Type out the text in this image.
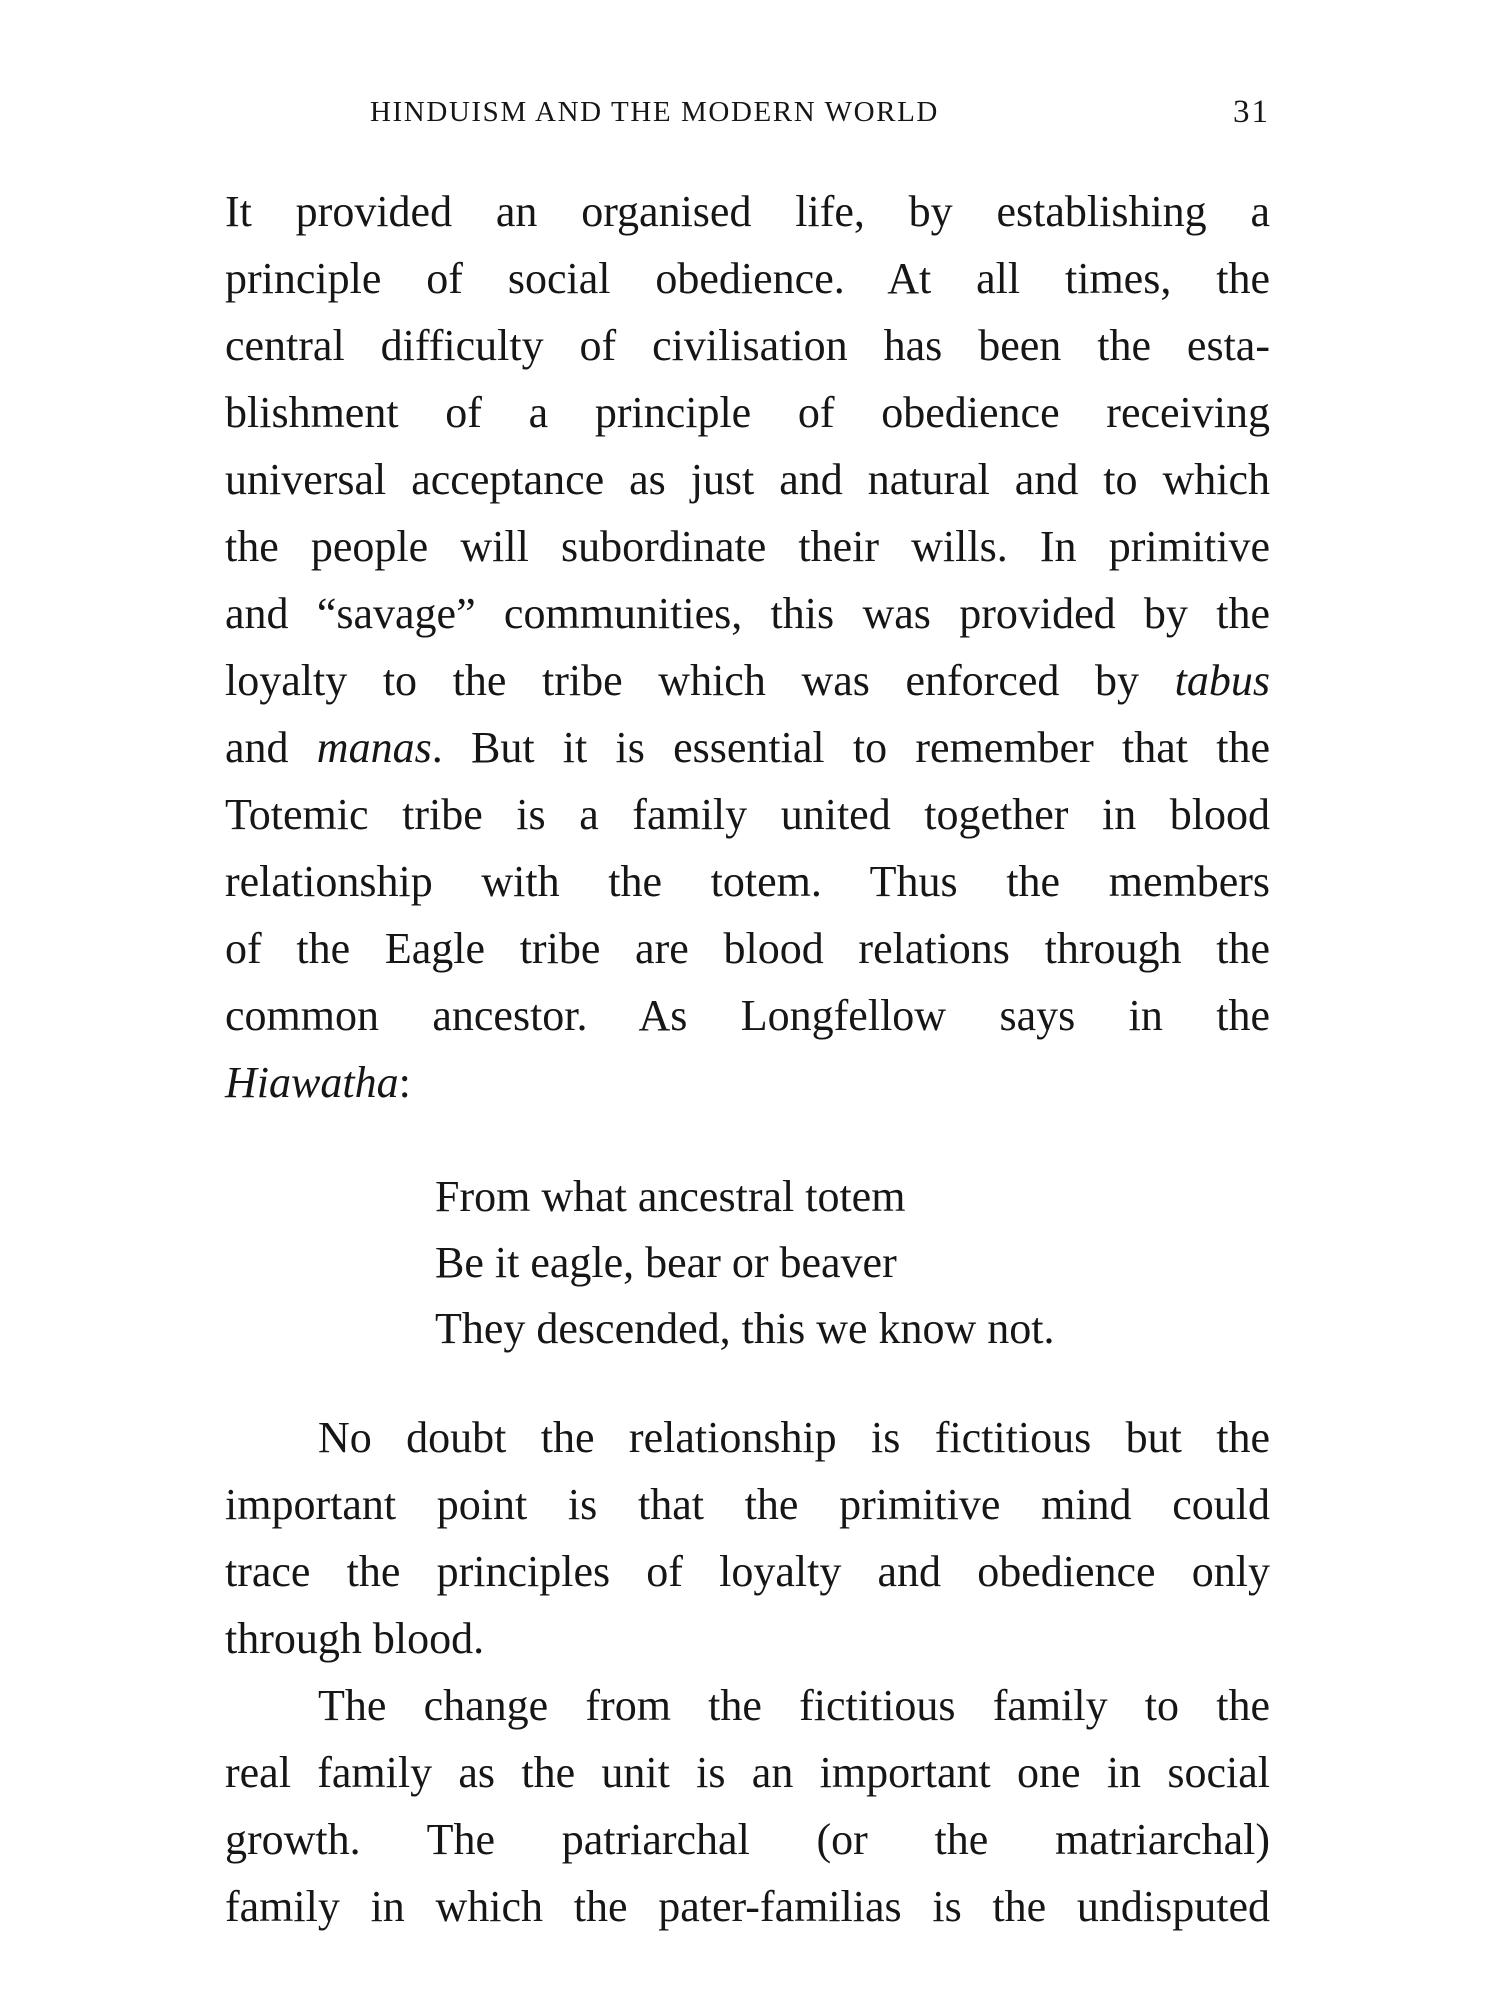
HINDUISM AND THE MODERN WORLD	31
It provided an organised life, by establishing a
principle of social obedience. At all times, the
central difficulty of civilisation has been the esta-
blishment of a principle of obedience receiving
universal acceptance as just and natural and to which
the people will subordinate their wills. In primitive
and “savage” communities, this was provided by the
loyalty to the tribe which was enforced by tabus
and manas. But it is essential to remember that the
Totemic tribe is a family united together in blood
relationship with the totem. Thus the members
of the Eagle tribe are blood relations through the
common ancestor. As Longfellow says in the
Hiawatha:
From what ancestral totem
Be it eagle, bear or beaver
They descended, this we know not.
No doubt the relationship is fictitious but the
important point is that the primitive mind could
trace the principles of loyalty and obedience only
through blood.
The change from the fictitious family to the
real family as the unit is an important one in social
growth. The patriarchal (or the matriarchal)
family in which the pater-familias is the undisputed
